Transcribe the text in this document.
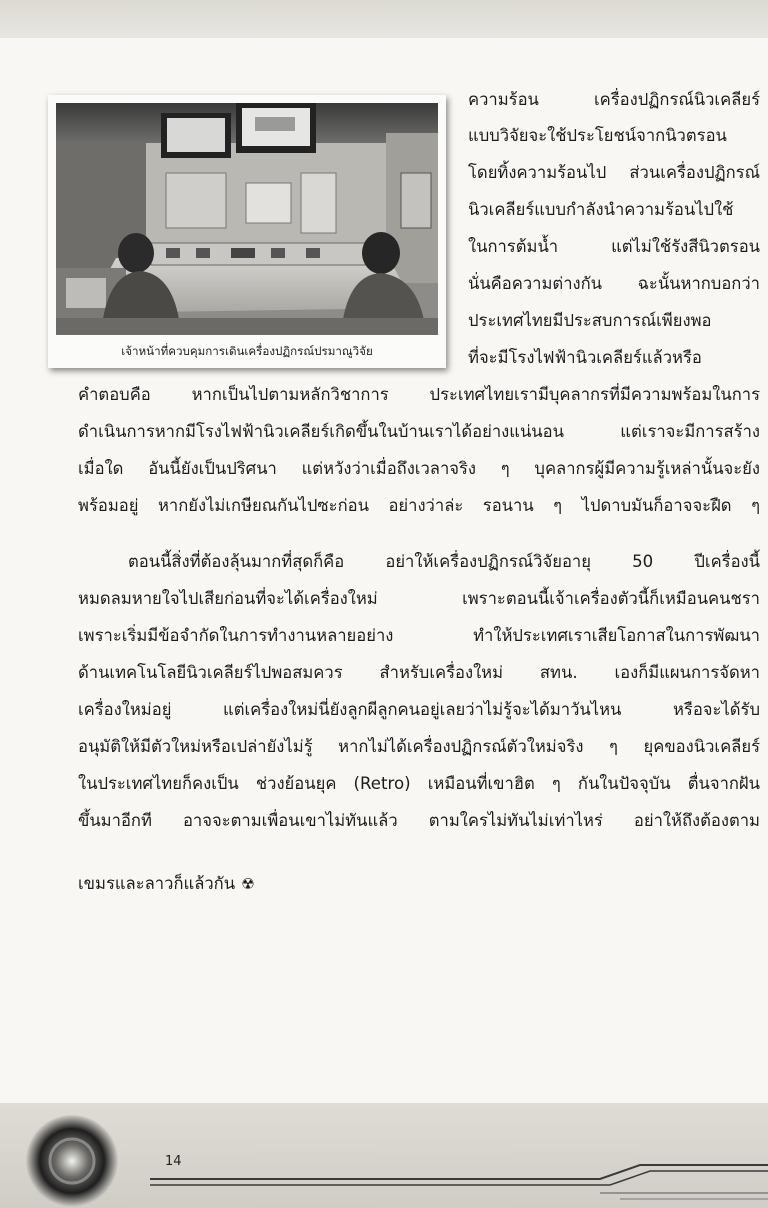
เจ้าหน้าที่ควบคุมการเดินเครื่องปฏิกรณ์ปรมาณูวิจัย
ความร้อน เครื่องปฏิกรณ์นิวเคลียร์
แบบวิจัยจะใช้ประโยชน์จากนิวตรอน
โดยทิ้งความร้อนไป ส่วนเครื่องปฏิกรณ์
นิวเคลียร์แบบกำลังนำความร้อนไปใช้
ในการต้มน้ำ แต่ไม่ใช้รังสีนิวตรอน
นั่นคือความต่างกัน ฉะนั้นหากบอกว่า
ประเทศไทยมีประสบการณ์เพียงพอ
ที่จะมีโรงไฟฟ้านิวเคลียร์แล้วหรือ
คำตอบคือ หากเป็นไปตามหลักวิชาการ ประเทศไทยเรามีบุคลากรที่มีความพร้อมในการ
ดำเนินการหากมีโรงไฟฟ้านิวเคลียร์เกิดขึ้นในบ้านเราได้อย่างแน่นอน แต่เราจะมีการสร้าง
เมื่อใด อันนี้ยังเป็นปริศนา แต่หวังว่าเมื่อถึงเวลาจริง ๆ บุคลากรผู้มีความรู้เหล่านั้นจะยัง
พร้อมอยู่ หากยังไม่เกษียณกันไปซะก่อน อย่างว่าล่ะ รอนาน ๆ ไปดาบมันก็อาจจะฝืด ๆ
ตอนนี้สิ่งที่ต้องลุ้นมากที่สุดก็คือ อย่าให้เครื่องปฏิกรณ์วิจัยอายุ 50 ปีเครื่องนี้
หมดลมหายใจไปเสียก่อนที่จะได้เครื่องใหม่ เพราะตอนนี้เจ้าเครื่องตัวนี้ก็เหมือนคนชรา
เพราะเริ่มมีข้อจำกัดในการทำงานหลายอย่าง ทำให้ประเทศเราเสียโอกาสในการพัฒนา
ด้านเทคโนโลยีนิวเคลียร์ไปพอสมควร สำหรับเครื่องใหม่ สทน. เองก็มีแผนการจัดหา
เครื่องใหม่อยู่ แต่เครื่องใหม่นี่ยังลูกผีลูกคนอยู่เลยว่าไม่รู้จะได้มาวันไหน หรือจะได้รับ
อนุมัติให้มีตัวใหม่หรือเปล่ายังไม่รู้ หากไม่ได้เครื่องปฏิกรณ์ตัวใหม่จริง ๆ ยุคของนิวเคลียร์
ในประเทศไทยก็คงเป็น ช่วงย้อนยุค (Retro) เหมือนที่เขาฮิต ๆ กันในปัจจุบัน ตื่นจากฝัน
ขึ้นมาอีกที อาจจะตามเพื่อนเขาไม่ทันแล้ว ตามใครไม่ทันไม่เท่าไหร่ อย่าให้ถึงต้องตาม
เขมรและลาวก็แล้วกัน ☢
14
